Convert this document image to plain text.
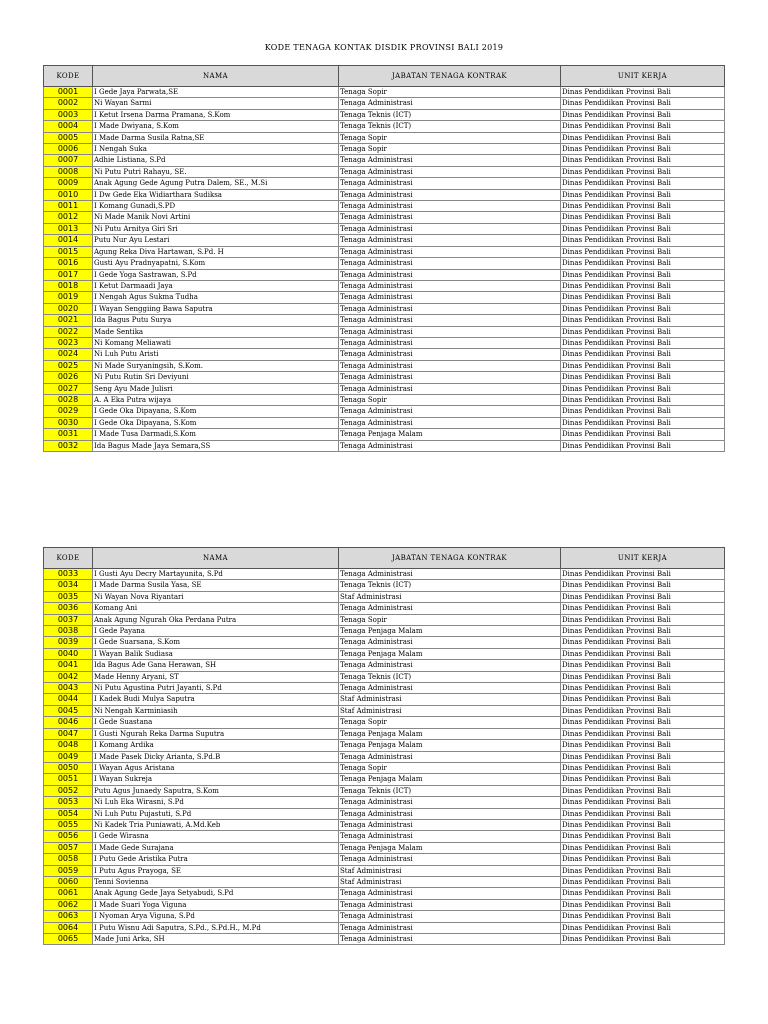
KODE TENAGA KONTAK DISDIK PROVINSI BALI 2019
KODE	NAMA	JABATAN TENAGA KONTRAK	UNIT KERJA
0001	I Gede Jaya Parwata,SE	Tenaga Sopir	Dinas Pendidikan Provinsi Bali
0002	Ni Wayan Sarmi	Tenaga Administrasi	Dinas Pendidikan Provinsi Bali
0003	I Ketut Irsena Darma Pramana, S.Kom	Tenaga Teknis (ICT)	Dinas Pendidikan Provinsi Bali
0004	I Made Dwiyana, S.Kom	Tenaga Teknis (ICT)	Dinas Pendidikan Provinsi Bali
0005	I Made Darma Susila Ratna,SE	Tenaga Sopir	Dinas Pendidikan Provinsi Bali
0006	I Nengah Suka	Tenaga Sopir	Dinas Pendidikan Provinsi Bali
0007	Adhie Listiana, S.Pd	Tenaga Administrasi	Dinas Pendidikan Provinsi Bali
0008	Ni Putu Putri Rahayu, SE.	Tenaga Administrasi	Dinas Pendidikan Provinsi Bali
0009	Anak Agung Gede Agung Putra Dalem, SE., M.Si	Tenaga Administrasi	Dinas Pendidikan Provinsi Bali
0010	I Dw Gede Eka Widiarthara Sudiksa	Tenaga Administrasi	Dinas Pendidikan Provinsi Bali
0011	I Komang Gunadi,S.PD	Tenaga Administrasi	Dinas Pendidikan Provinsi Bali
0012	Ni Made Manik Novi Artini	Tenaga Administrasi	Dinas Pendidikan Provinsi Bali
0013	Ni Putu Arnitya Giri Sri	Tenaga Administrasi	Dinas Pendidikan Provinsi Bali
0014	Putu Nur Ayu Lestari	Tenaga Administrasi	Dinas Pendidikan Provinsi Bali
0015	Agung Reka Diva Hartawan, S.Pd. H	Tenaga Administrasi	Dinas Pendidikan Provinsi Bali
0016	Gusti Ayu Pradnyapatni, S.Kom	Tenaga Administrasi	Dinas Pendidikan Provinsi Bali
0017	I Gede Yoga Sastrawan, S.Pd	Tenaga Administrasi	Dinas Pendidikan Provinsi Bali
0018	I Ketut Darmaadi Jaya	Tenaga Administrasi	Dinas Pendidikan Provinsi Bali
0019	I Nengah Agus Sukma Tudha	Tenaga Administrasi	Dinas Pendidikan Provinsi Bali
0020	I Wayan Senggiing Bawa Saputra	Tenaga Administrasi	Dinas Pendidikan Provinsi Bali
0021	Ida Bagus Putu Surya	Tenaga Administrasi	Dinas Pendidikan Provinsi Bali
0022	Made Sentika	Tenaga Administrasi	Dinas Pendidikan Provinsi Bali
0023	Ni Komang Meliawati	Tenaga Administrasi	Dinas Pendidikan Provinsi Bali
0024	Ni Luh Putu Aristi	Tenaga Administrasi	Dinas Pendidikan Provinsi Bali
0025	Ni Made Suryaningsih, S.Kom.	Tenaga Administrasi	Dinas Pendidikan Provinsi Bali
0026	Ni Putu Rutin Sri Deviyuni	Tenaga Administrasi	Dinas Pendidikan Provinsi Bali
0027	Seng Ayu Made Julisri	Tenaga Administrasi	Dinas Pendidikan Provinsi Bali
0028	A. A Eka Putra wijaya	Tenaga Sopir	Dinas Pendidikan Provinsi Bali
0029	I Gede Oka Dipayana, S.Kom	Tenaga Administrasi	Dinas Pendidikan Provinsi Bali
0030	I Gede Oka Dipayana, S.Kom	Tenaga Administrasi	Dinas Pendidikan Provinsi Bali
0031	I Made Tusa Darmadi,S.Kom	Tenaga Penjaga Malam	Dinas Pendidikan Provinsi Bali
0032	Ida Bagus Made Jaya Semara,SS	Tenaga Administrasi	Dinas Pendidikan Provinsi Bali
KODE	NAMA	JABATAN TENAGA KONTRAK	UNIT KERJA
0033	I Gusti Ayu Decry Martayunita, S.Pd	Tenaga Administrasi	Dinas Pendidikan Provinsi Bali
0034	I Made Darma Susila Yasa, SE	Tenaga Teknis (ICT)	Dinas Pendidikan Provinsi Bali
0035	Ni Wayan Nova Riyantari	Staf Administrasi	Dinas Pendidikan Provinsi Bali
0036	Komang Ani	Tenaga Administrasi	Dinas Pendidikan Provinsi Bali
0037	Anak Agung Ngurah Oka Perdana Putra	Tenaga Sopir	Dinas Pendidikan Provinsi Bali
0038	I Gede Payana	Tenaga Penjaga Malam	Dinas Pendidikan Provinsi Bali
0039	I Gede Suarsana, S.Kom	Tenaga Administrasi	Dinas Pendidikan Provinsi Bali
0040	I Wayan Balik Sudiasa	Tenaga Penjaga Malam	Dinas Pendidikan Provinsi Bali
0041	Ida Bagus Ade Gana Herawan, SH	Tenaga Administrasi	Dinas Pendidikan Provinsi Bali
0042	Made Henny Aryani, ST	Tenaga Teknis (ICT)	Dinas Pendidikan Provinsi Bali
0043	Ni Putu Agustina Putri Jayanti, S.Pd	Tenaga Administrasi	Dinas Pendidikan Provinsi Bali
0044	I Kadek Budi Mulya Saputra	Staf Administrasi	Dinas Pendidikan Provinsi Bali
0045	Ni Nengah Karminiasih	Staf Administrasi	Dinas Pendidikan Provinsi Bali
0046	I Gede Suastana	Tenaga Sopir	Dinas Pendidikan Provinsi Bali
0047	I Gusti Ngurah Reka Darma Suputra	Tenaga Penjaga Malam	Dinas Pendidikan Provinsi Bali
0048	I Komang Ardika	Tenaga Penjaga Malam	Dinas Pendidikan Provinsi Bali
0049	I Made Pasek Dicky Arianta, S.Pd.B	Tenaga Administrasi	Dinas Pendidikan Provinsi Bali
0050	I Wayan Agus Aristana	Tenaga Sopir	Dinas Pendidikan Provinsi Bali
0051	I Wayan Sukreja	Tenaga Penjaga Malam	Dinas Pendidikan Provinsi Bali
0052	Putu Agus Junaedy Saputra, S.Kom	Tenaga Teknis (ICT)	Dinas Pendidikan Provinsi Bali
0053	Ni Luh Eka Wirasni, S.Pd	Tenaga Administrasi	Dinas Pendidikan Provinsi Bali
0054	Ni Luh Putu Pujastuti, S.Pd	Tenaga Administrasi	Dinas Pendidikan Provinsi Bali
0055	Ni Kadek Tria Puniawati, A.Md.Keb	Tenaga Administrasi	Dinas Pendidikan Provinsi Bali
0056	I Gede Wirasna	Tenaga Administrasi	Dinas Pendidikan Provinsi Bali
0057	I Made Gede Surajana	Tenaga Penjaga Malam	Dinas Pendidikan Provinsi Bali
0058	I Putu Gede Aristika Putra	Tenaga Administrasi	Dinas Pendidikan Provinsi Bali
0059	I Putu Agus Prayoga, SE	Staf Administrasi	Dinas Pendidikan Provinsi Bali
0060	Tenni Sovienna	Staf Administrasi	Dinas Pendidikan Provinsi Bali
0061	Anak Agung Gede Jaya Setyabudi, S.Pd	Tenaga Administrasi	Dinas Pendidikan Provinsi Bali
0062	I Made Suari Yoga Viguna	Tenaga Administrasi	Dinas Pendidikan Provinsi Bali
0063	I Nyoman Arya Viguna, S.Pd	Tenaga Administrasi	Dinas Pendidikan Provinsi Bali
0064	I Putu Wisnu Adi Saputra, S.Pd., S.Pd.H., M.Pd	Tenaga Administrasi	Dinas Pendidikan Provinsi Bali
0065	Made Juni Arka, SH	Tenaga Administrasi	Dinas Pendidikan Provinsi Bali
